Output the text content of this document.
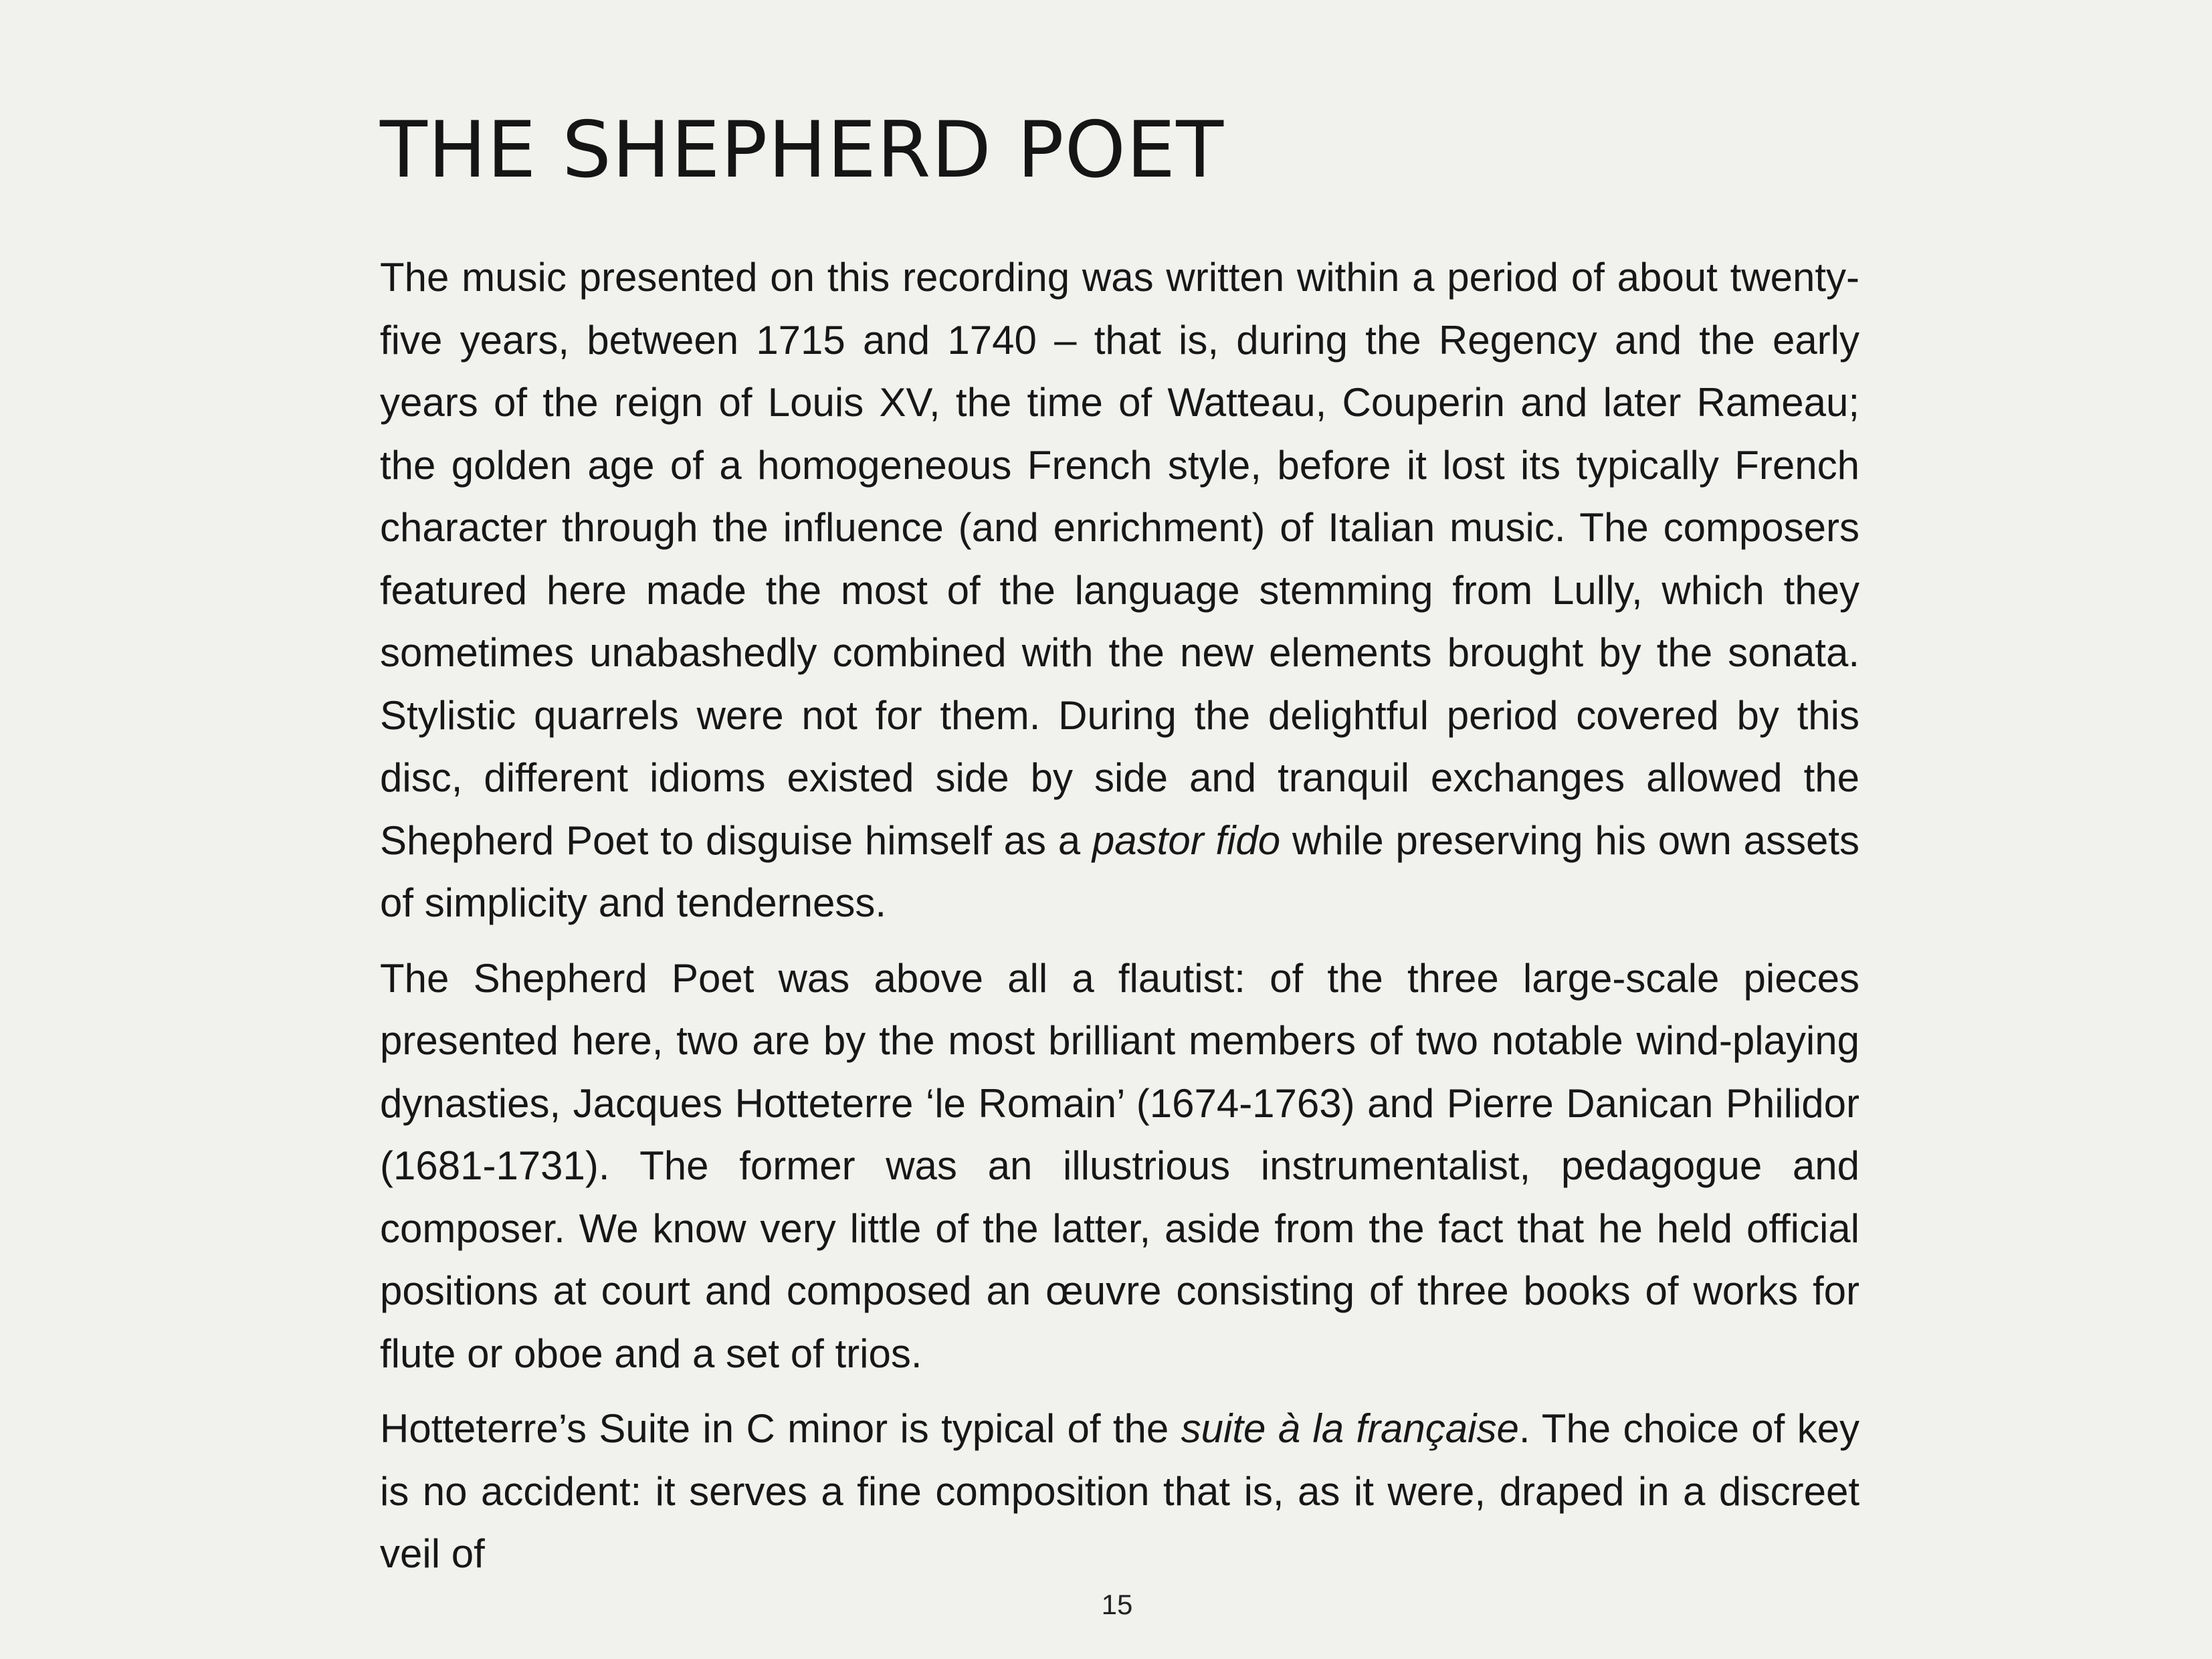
THE SHEPHERD POET

The music presented on this recording was written within a period of about twenty-five years, between 1715 and 1740 – that is, during the Regency and the early years of the reign of Louis XV, the time of Watteau, Couperin and later Rameau; the golden age of a homogeneous French style, before it lost its typically French character through the influence (and enrichment) of Italian music. The composers featured here made the most of the language stemming from Lully, which they sometimes unabashedly combined with the new elements brought by the sonata. Stylistic quarrels were not for them. During the delightful period covered by this disc, different idioms existed side by side and tranquil exchanges allowed the Shepherd Poet to disguise himself as a pastor fido while preserving his own assets of simplicity and tenderness.

The Shepherd Poet was above all a flautist: of the three large-scale pieces presented here, two are by the most brilliant members of two notable wind-playing dynasties, Jacques Hotteterre ‘le Romain’ (1674-1763) and Pierre Danican Philidor (1681-1731). The former was an illustrious instrumentalist, pedagogue and composer. We know very little of the latter, aside from the fact that he held official positions at court and composed an œuvre consisting of three books of works for flute or oboe and a set of trios.

Hotteterre’s Suite in C minor is typical of the suite à la française. The choice of key is no accident: it serves a fine composition that is, as it were, draped in a discreet veil of

15
